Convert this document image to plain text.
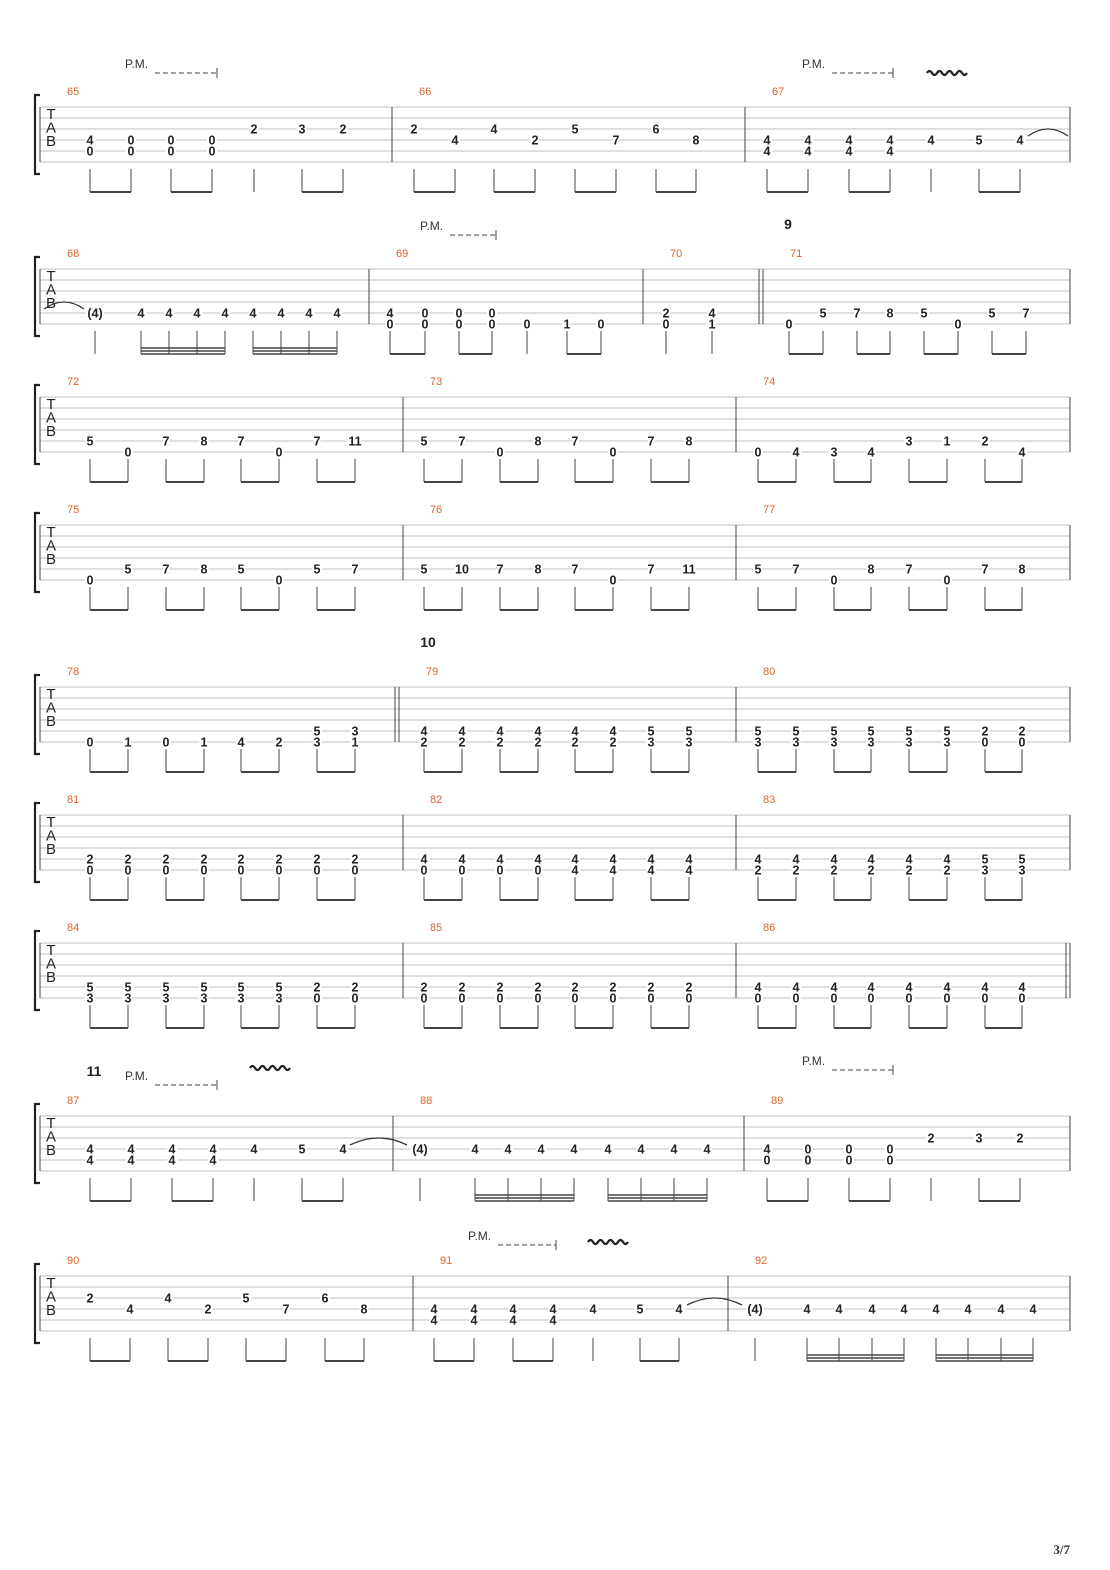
T
A
B
P.M.	P.M.
65
4
0
0
0
0
0
0
0
2	3	2
66
2
4
4
2
5
7
6
8
67
4
4
4
4
4
4
4
4
4	5	4
T
A
B
9
P.M.
68
(4)	4 4 4 4 4 4 4 4
69
4
0
0
0
0
0
0
0 0	1 0
70
2
0
4
1
71
0
5 7 8 5
0
5 7
T
A
B
72
5
0
7 8 7
0
7 11
73
5 7
0
8 7
0
7 8
74
0 4 3 4
3 1 2
4
T
A
B
75
0
5 7 8 5
0
5 7
76
5 10 7 8 7
0
7 11
77
5 7
0
8 7
0
7 8
T
A
B
10
78
0 1 0 1 4 2
5
3
3
1
79
4
2
4
2
4
2
4
2
4
2
4
2
5
3
5
3
80
5
3
5
3
5
3
5
3
5
3
5
3
2
0
2
0
T
A
B
81
2
0
2
0
2
0
2
0
2
0
2
0
2
0
2
0
82
4
0
4
0
4
0
4
0
4
4
4
4
4
4
4
4
83
4
2
4
2
4
2
4
2
4
2
4
2
5
3
5
3
T
A
B
84
5
3
5
3
5
3
5
3
5
3
5
3
2
0
2
0
85
2
0
2
0
2
0
2
0
2
0
2
0
2
0
2
0
86
4
0
4
0
4
0
4
0
4
0
4
0
4
0
4
0
T
A
B
11 P.M.
P.M.
87
4
4
4
4
4
4
4
4
4	5	4
88
(4)	4 4 4 4 4 4 4 4
89
4
0
0
0
0
0
0
0
2	3	2
T
A
B
P.M.
90
2
4
4
2
5
7
6
8
91
4
4
4
4
4
4
4
4
4	5	4
92
(4)	4 4 4 4 4 4 4 4
3/7
